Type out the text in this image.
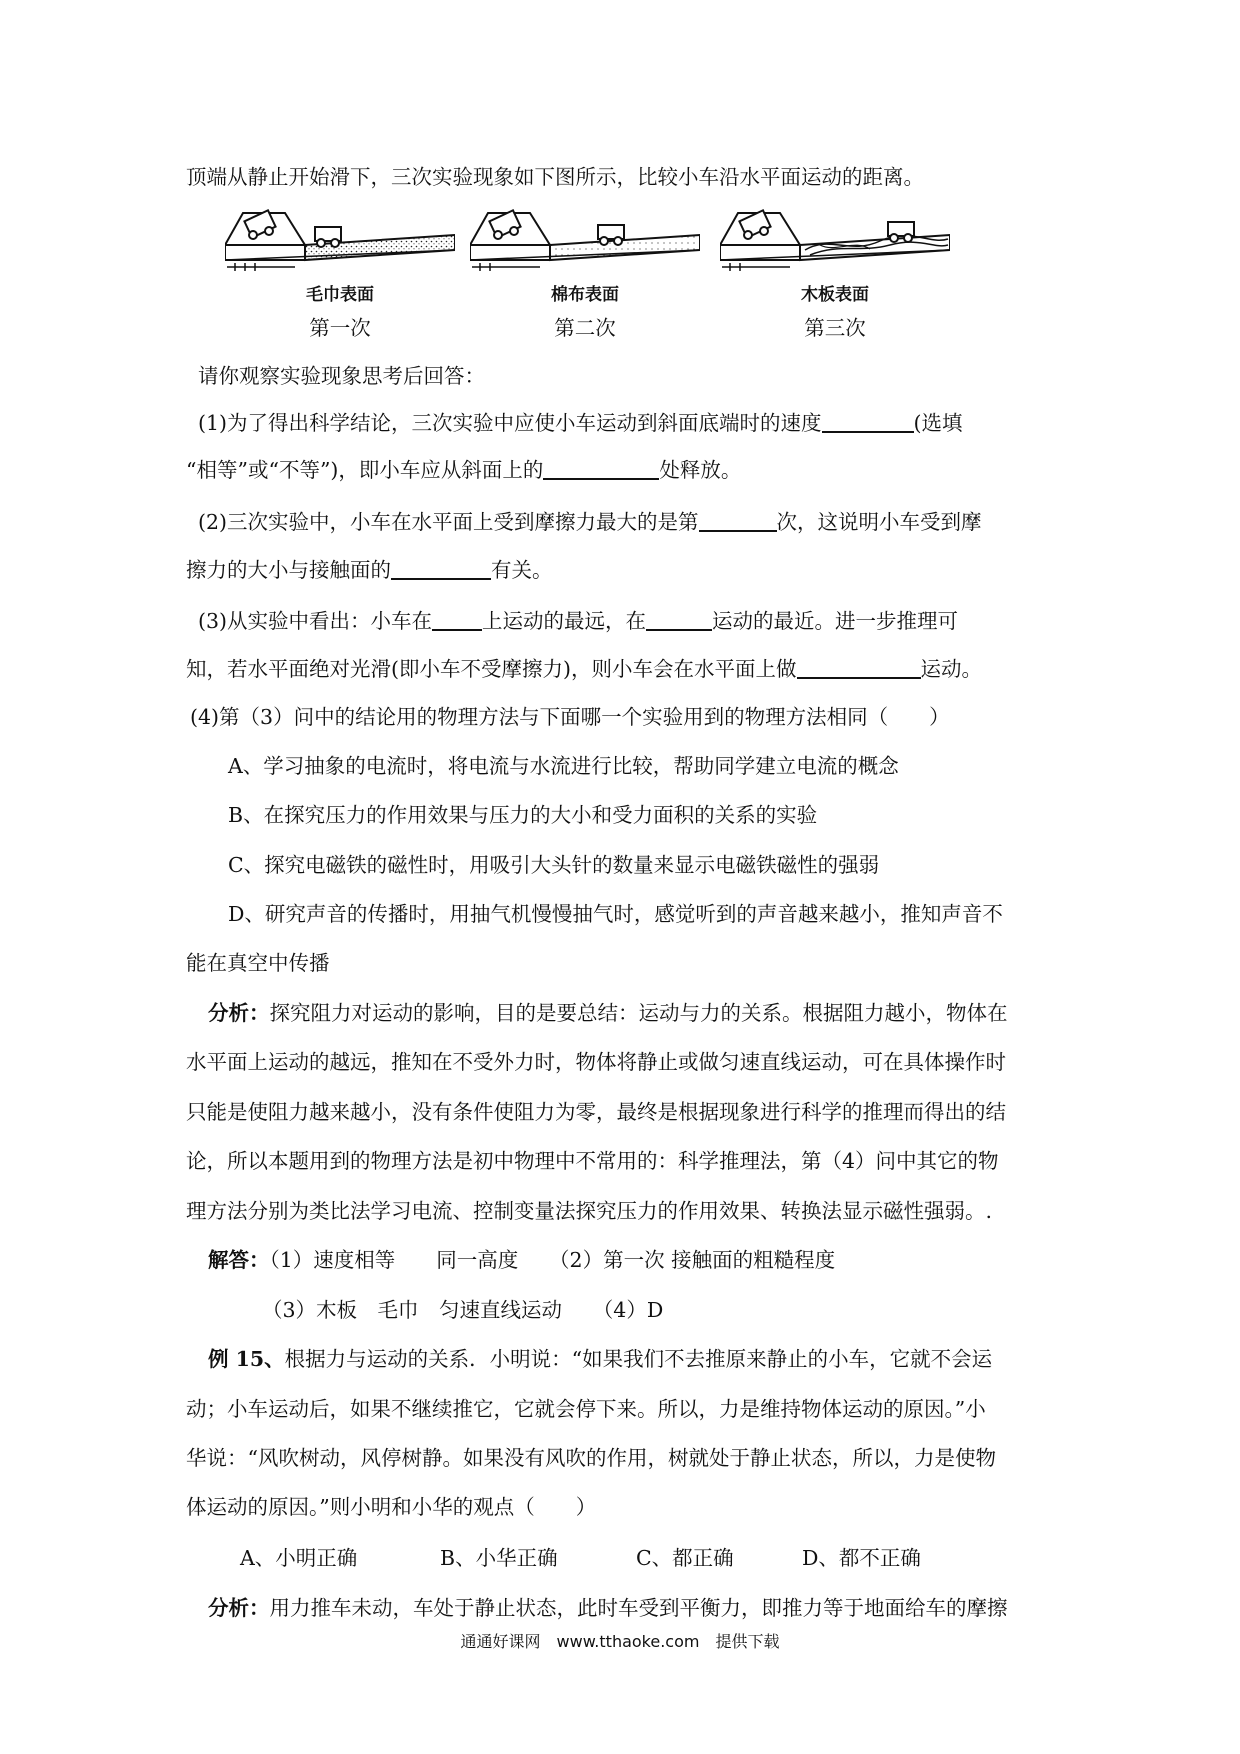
顶端从静止开始滑下，三次实验现象如下图所示，比较小车沿水平面运动的距离。
毛巾表面
第一次
棉布表面
第二次
木板表面
第三次
请你观察实验现象思考后回答：
(1)为了得出科学结论，三次实验中应使小车运动到斜面底端时的速度	(选填
“相等”或“不等”)，即小车应从斜面上的	处释放。
(2)三次实验中，小车在水平面上受到摩擦力最大的是第	次，这说明小车受到摩
擦力的大小与接触面的	有关。
(3)从实验中看出：小车在 上运动的最远，在	运动的最近。进一步推理可
知，若水平面绝对光滑(即小车不受摩擦力)，则小车会在水平面上做	运动。
(4)第（3）问中的结论用的物理方法与下面哪一个实验用到的物理方法相同（　　）
A、学习抽象的电流时，将电流与水流进行比较，帮助同学建立电流的概念
B、在探究压力的作用效果与压力的大小和受力面积的关系的实验
C、探究电磁铁的磁性时，用吸引大头针的数量来显示电磁铁磁性的强弱
D、研究声音的传播时，用抽气机慢慢抽气时，感觉听到的声音越来越小，推知声音不
能在真空中传播
分析：探究阻力对运动的影响，目的是要总结：运动与力的关系。根据阻力越小，物体在
水平面上运动的越远，推知在不受外力时，物体将静止或做匀速直线运动，可在具体操作时
只能是使阻力越来越小，没有条件使阻力为零，最终是根据现象进行科学的推理而得出的结
论，所以本题用到的物理方法是初中物理中不常用的：科学推理法，第（4）问中其它的物
理方法分别为类比法学习电流、控制变量法探究压力的作用效果、转换法显示磁性强弱。.
解答：（1）速度相等　　同一高度　　（2）第一次 接触面的粗糙程度
（3）木板　毛巾　匀速直线运动　　（4）D
例 15、根据力与运动的关系．小明说：“如果我们不去推原来静止的小车，它就不会运
动；小车运动后，如果不继续推它，它就会停下来。所以，力是维持物体运动的原因。”小
华说：“风吹树动，风停树静。如果没有风吹的作用，树就处于静止状态，所以，力是使物
体运动的原因。”则小明和小华的观点（　　）
A、小明正确	B、小华正确	C、都正确	D、都不正确
分析：用力推车未动，车处于静止状态，此时车受到平衡力，即推力等于地面给车的摩擦
通通好课网　www.tthaoke.com　提供下载
